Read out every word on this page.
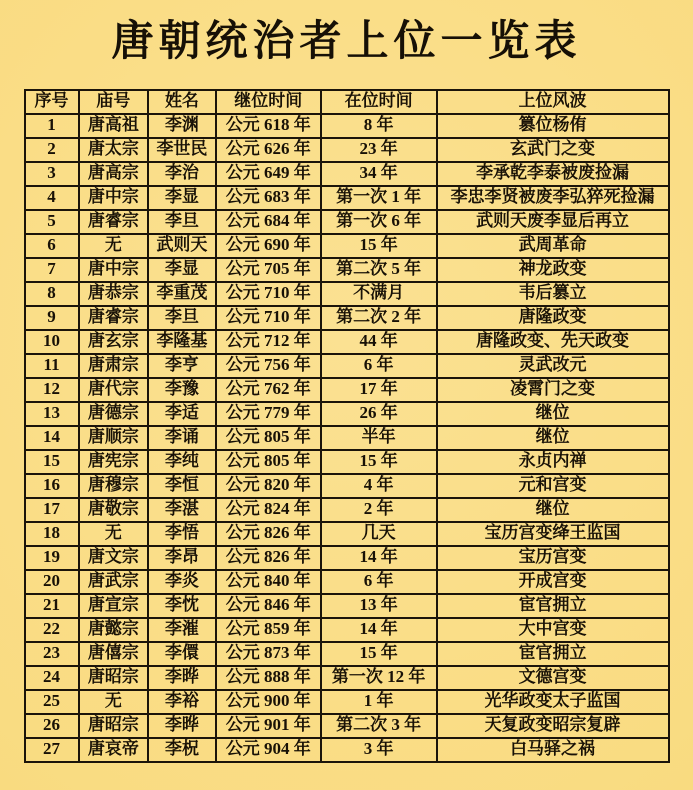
唐朝统治者上位一览表
序号	庙号	姓名	继位时间	在位时间	上位风波
1	唐高祖	李渊	公元 618 年	8 年	篡位杨侑
2	唐太宗	李世民	公元 626 年	23 年	玄武门之变
3	唐高宗	李治	公元 649 年	34 年	李承乾李泰被废捡漏
4	唐中宗	李显	公元 683 年	第一次 1 年	李忠李贤被废李弘猝死捡漏
5	唐睿宗	李旦	公元 684 年	第一次 6 年	武则天废李显后再立
6	无	武则天	公元 690 年	15 年	武周革命
7	唐中宗	李显	公元 705 年	第二次 5 年	神龙政变
8	唐恭宗	李重茂	公元 710 年	不满月	韦后篡立
9	唐睿宗	李旦	公元 710 年	第二次 2 年	唐隆政变
10	唐玄宗	李隆基	公元 712 年	44 年	唐隆政变、先天政变
11	唐肃宗	李亨	公元 756 年	6 年	灵武改元
12	唐代宗	李豫	公元 762 年	17 年	凌霄门之变
13	唐德宗	李适	公元 779 年	26 年	继位
14	唐顺宗	李诵	公元 805 年	半年	继位
15	唐宪宗	李纯	公元 805 年	15 年	永贞内禅
16	唐穆宗	李恒	公元 820 年	4 年	元和宫变
17	唐敬宗	李湛	公元 824 年	2 年	继位
18	无	李悟	公元 826 年	几天	宝历宫变绛王监国
19	唐文宗	李昂	公元 826 年	14 年	宝历宫变
20	唐武宗	李炎	公元 840 年	6 年	开成宫变
21	唐宣宗	李忱	公元 846 年	13 年	宦官拥立
22	唐懿宗	李漼	公元 859 年	14 年	大中宫变
23	唐僖宗	李儇	公元 873 年	15 年	宦官拥立
24	唐昭宗	李晔	公元 888 年	第一次 12 年	文德宫变
25	无	李裕	公元 900 年	1 年	光华政变太子监国
26	唐昭宗	李晔	公元 901 年	第二次 3 年	天复政变昭宗复辟
27	唐哀帝	李柷	公元 904 年	3 年	白马驿之祸
